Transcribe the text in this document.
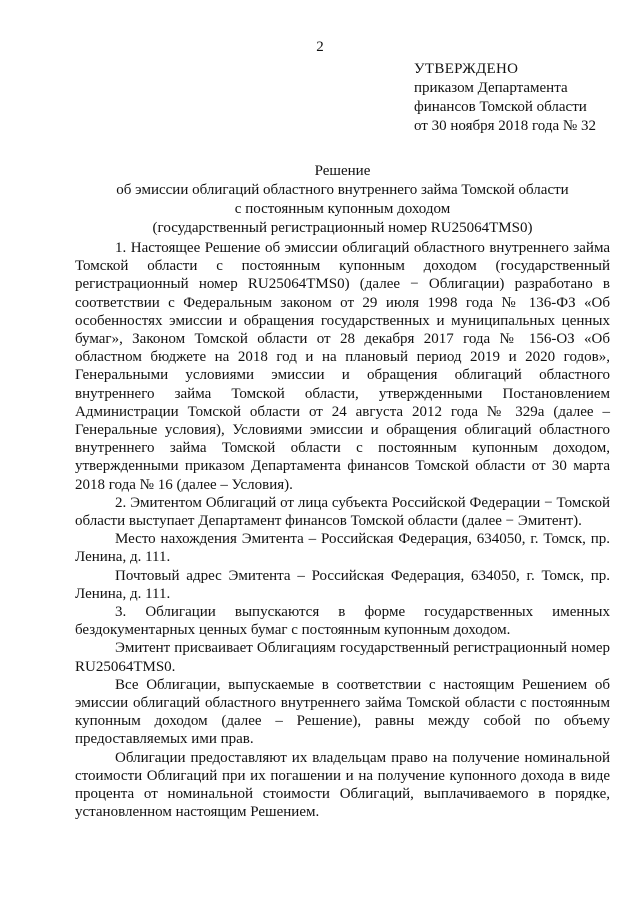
2
УТВЕРЖДЕНО
приказом Департамента
финансов Томской области
от 30 ноября 2018 года № 32
Решение
об эмиссии облигаций областного внутреннего займа Томской области
с постоянным купонным доходом
(государственный регистрационный номер RU25064TMS0)

1. Настоящее Решение об эмиссии облигаций областного внутреннего займа Томской области с постоянным купонным доходом (государственный регистрационный номер RU25064TMS0) (далее − Облигации) разработано в соответствии с Федеральным законом от 29 июля 1998 года № 136-ФЗ «Об особенностях эмиссии и обращения государственных и муниципальных ценных бумаг», Законом Томской области от 28 декабря 2017 года № 156-ОЗ «Об областном бюджете на 2018 год и на плановый период 2019 и 2020 годов», Генеральными условиями эмиссии и обращения облигаций областного внутреннего займа Томской области, утвержденными Постановлением Администрации Томской области от 24 августа 2012 года № 329а (далее – Генеральные условия), Условиями эмиссии и обращения облигаций областного внутреннего займа Томской области с постоянным купонным доходом, утвержденными приказом Департамента финансов Томской области от 30 марта 2018 года № 16 (далее – Условия).

2. Эмитентом Облигаций от лица субъекта Российской Федерации − Томской области выступает Департамент финансов Томской области (далее − Эмитент).

Место нахождения Эмитента – Российская Федерация, 634050, г. Томск, пр. Ленина, д. 111.

Почтовый адрес Эмитента – Российская Федерация, 634050, г. Томск, пр. Ленина, д. 111.

3. Облигации выпускаются в форме государственных именных бездокументарных ценных бумаг с постоянным купонным доходом.

Эмитент присваивает Облигациям государственный регистрационный номер RU25064TMS0.

Все Облигации, выпускаемые в соответствии с настоящим Решением об эмиссии облигаций областного внутреннего займа Томской области с постоянным купонным доходом (далее – Решение), равны между собой по объему предоставляемых ими прав.

Облигации предоставляют их владельцам право на получение номинальной стоимости Облигаций при их погашении и на получение купонного дохода в виде процента от номинальной стоимости Облигаций, выплачиваемого в порядке, установленном настоящим Решением.
